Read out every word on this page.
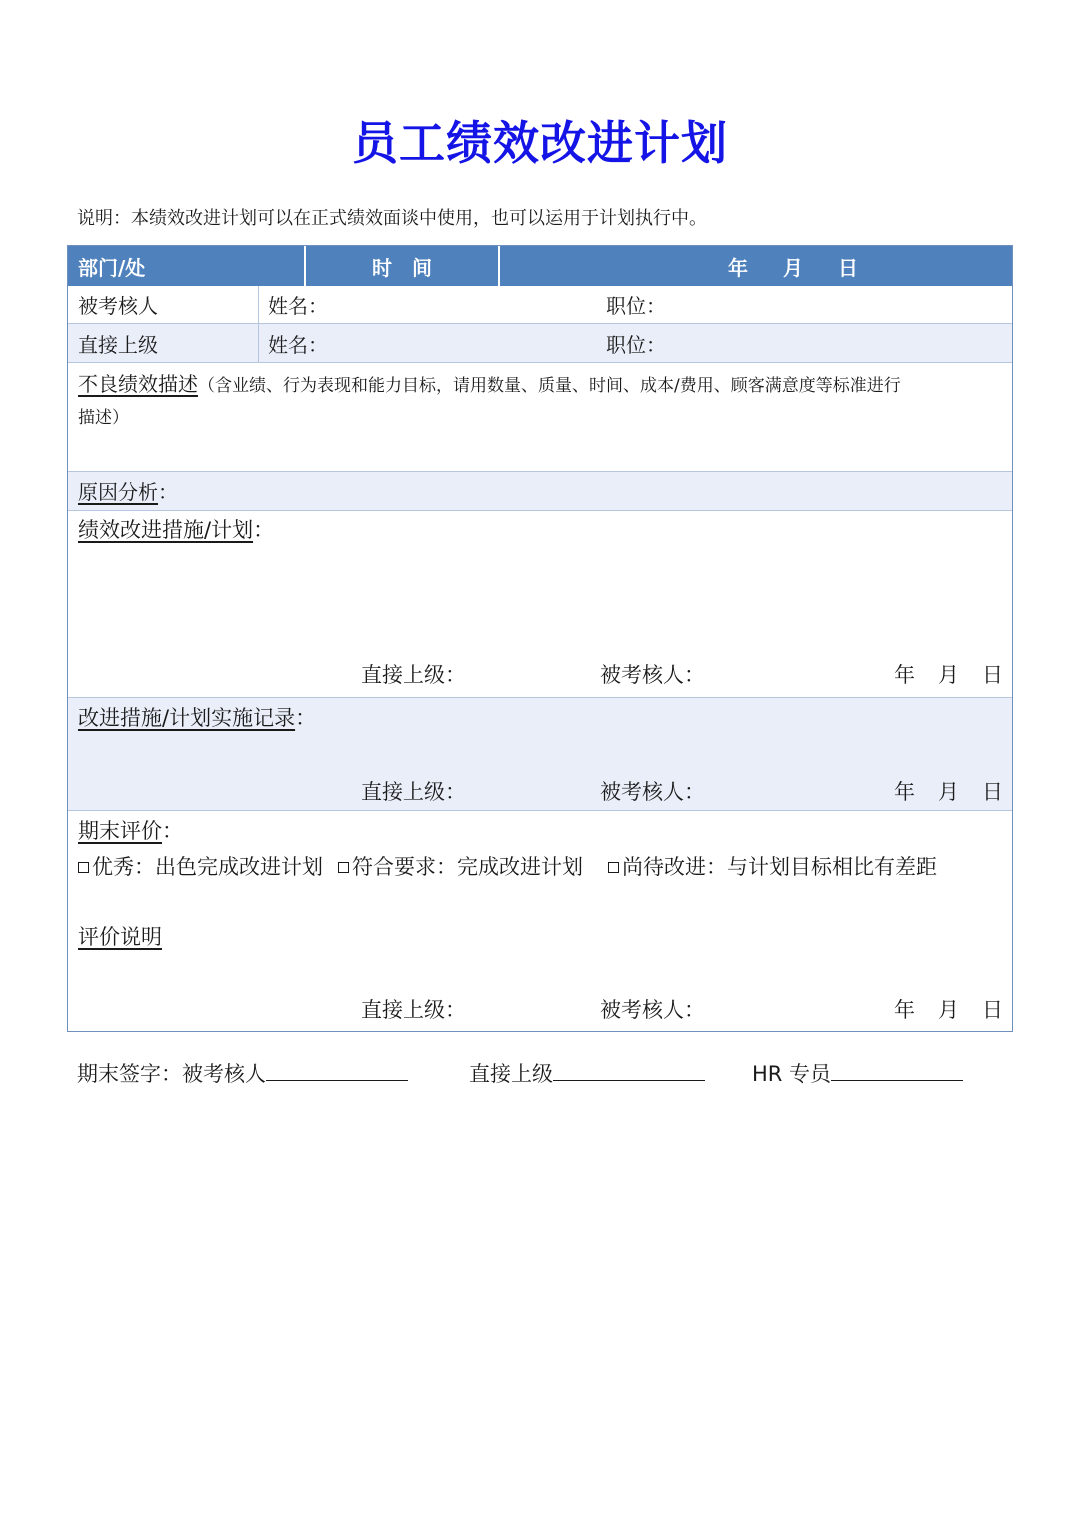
员工绩效改进计划
说明：本绩效改进计划可以在正式绩效面谈中使用，也可以运用于计划执行中。
部门/处	时　间	年 月 日
被考核人	姓名：	职位：
直接上级	姓名：	职位：
不良绩效描述（含业绩、行为表现和能力目标，请用数量、质量、时间、成本/费用、顾客满意度等标准进行
描述）
原因分析：
绩效改进措施/计划：
直接上级：	被考核人：	年 月 日
改进措施/计划实施记录：
直接上级：	被考核人：	年 月 日
期末评价：
优秀：出色完成改进计划	符合要求：完成改进计划	尚待改进：与计划目标相比有差距
评价说明
直接上级：	被考核人：	年 月 日
期末签字：被考核人	直接上级	HR 专员
